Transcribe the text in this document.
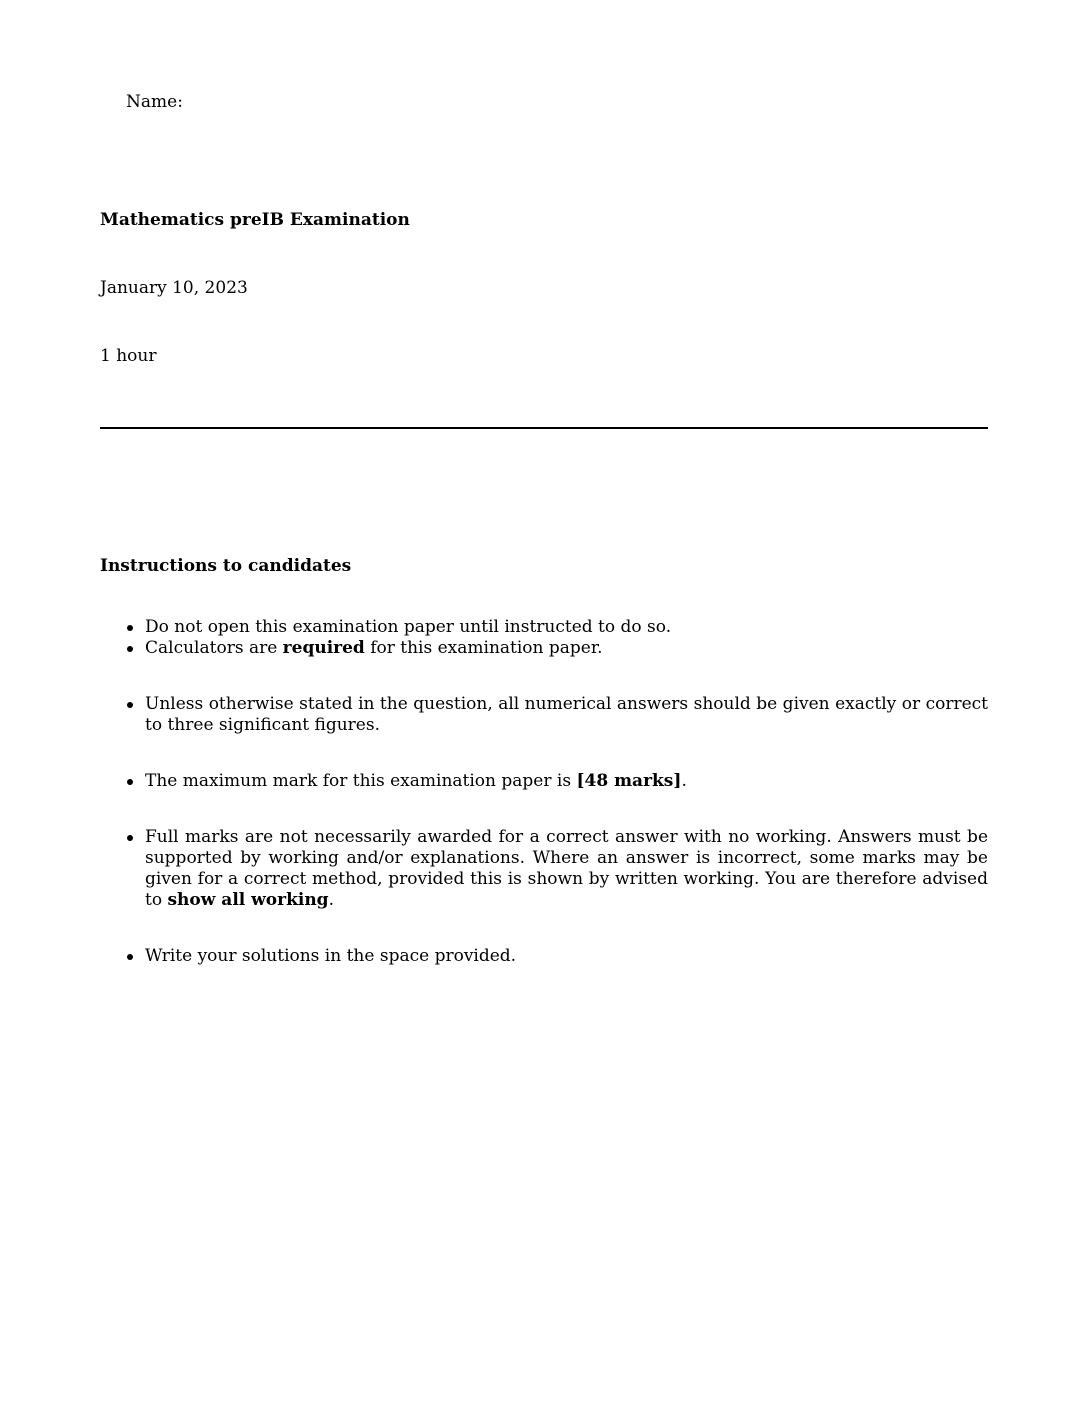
Name:
Mathematics preIB Examination
January 10, 2023
1 hour
Instructions to candidates
Do not open this examination paper until instructed to do so.
Calculators are required for this examination paper.
Unless otherwise stated in the question, all numerical answers should be given exactly or correct to three significant figures.
The maximum mark for this examination paper is [48 marks].
Full marks are not necessarily awarded for a correct answer with no working. Answers must be supported by working and/or explanations. Where an answer is incorrect, some marks may be given for a correct method, provided this is shown by written working. You are therefore advised to show all working.
Write your solutions in the space provided.
